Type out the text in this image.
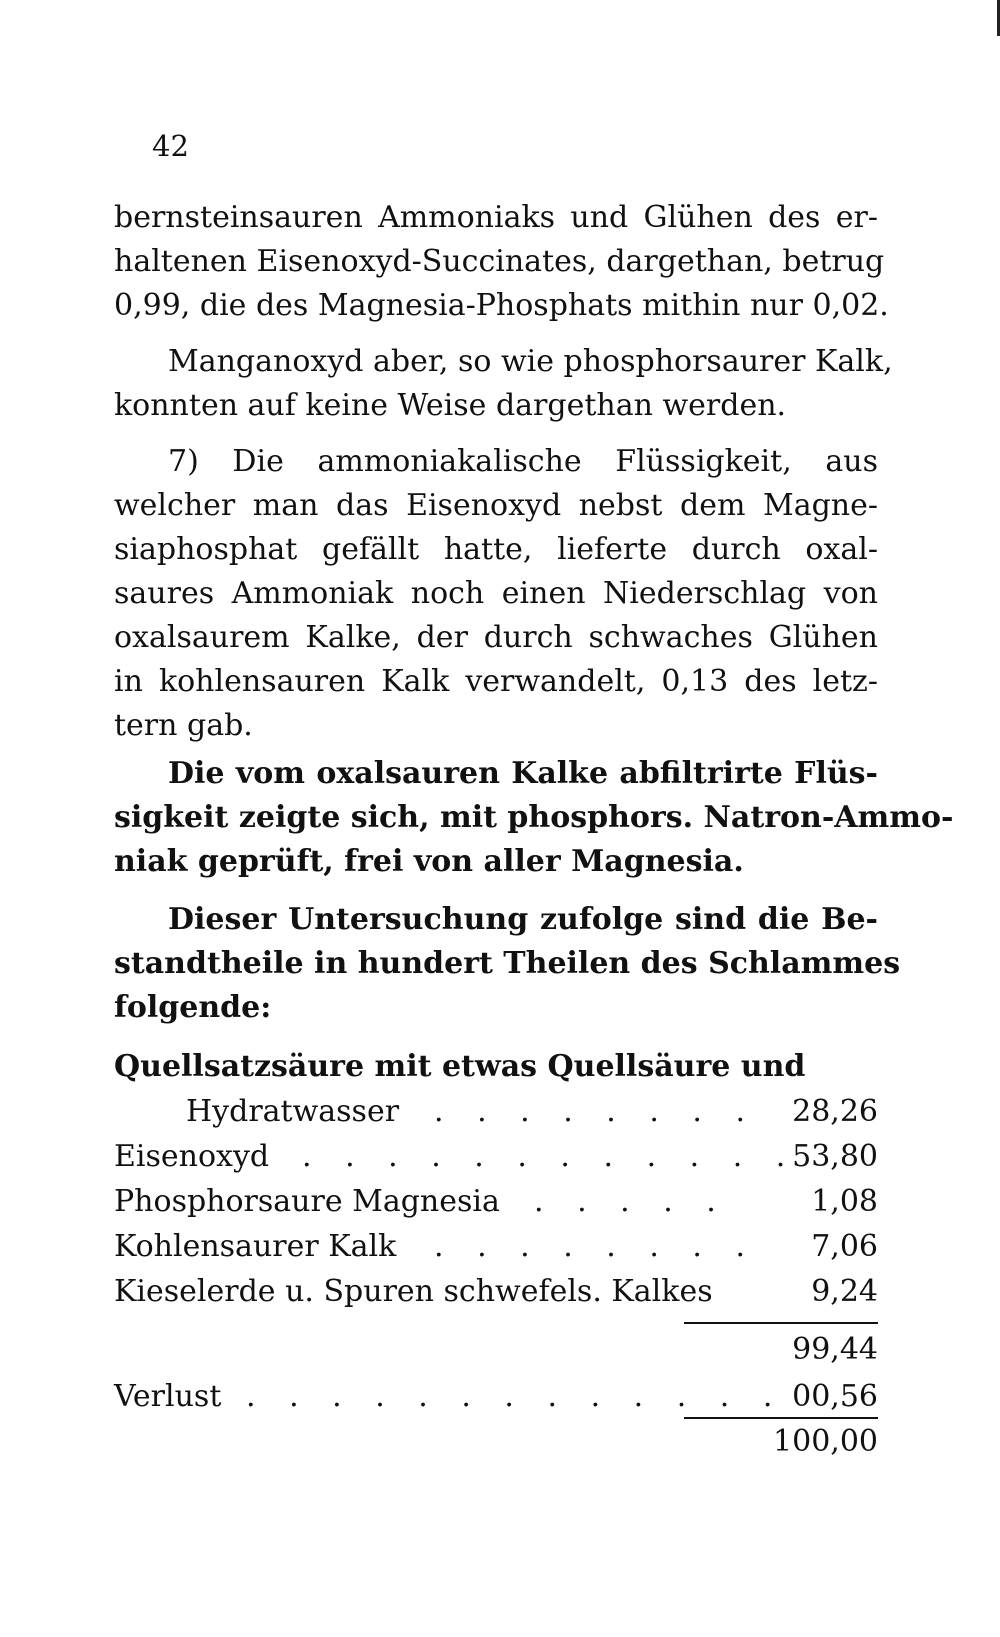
42
bernsteinsauren Ammoniaks und Glühen des er-
haltenen Eisenoxyd-Succinates, dargethan, betrug
0,99, die des Magnesia-Phosphats mithin nur 0,02.
Manganoxyd aber, so wie phosphorsaurer Kalk,
konnten auf keine Weise dargethan werden.
7) Die ammoniakalische Flüssigkeit, aus
welcher man das Eisenoxyd nebst dem Magne-
siaphosphat gefällt hatte, lieferte durch oxal-
saures Ammoniak noch einen Niederschlag von
oxalsaurem Kalke, der durch schwaches Glühen
in kohlensauren Kalk verwandelt, 0,13 des letz-
tern gab.
Die vom oxalsauren Kalke abfiltrirte Flüs-
sigkeit zeigte sich, mit phosphors. Natron-Ammo-
niak geprüft, frei von aller Magnesia.
Dieser Untersuchung zufolge sind die Be-
standtheile in hundert Theilen des Schlammes
folgende:
Quellsatzsäure mit etwas Quellsäure und
Hydratwasser . . . . . . . . 28,26
Eisenoxyd . . . . . . . . . . . .
53,80
Phosphorsaure Magnesia . . . . .	1,08
Kohlensaurer Kalk . . . . . . . . 7,06
Kieselerde u. Spuren schwefels. Kalkes	9,24
99,44
Verlust . . . . . . . . . . . . . 00,56
100,00
